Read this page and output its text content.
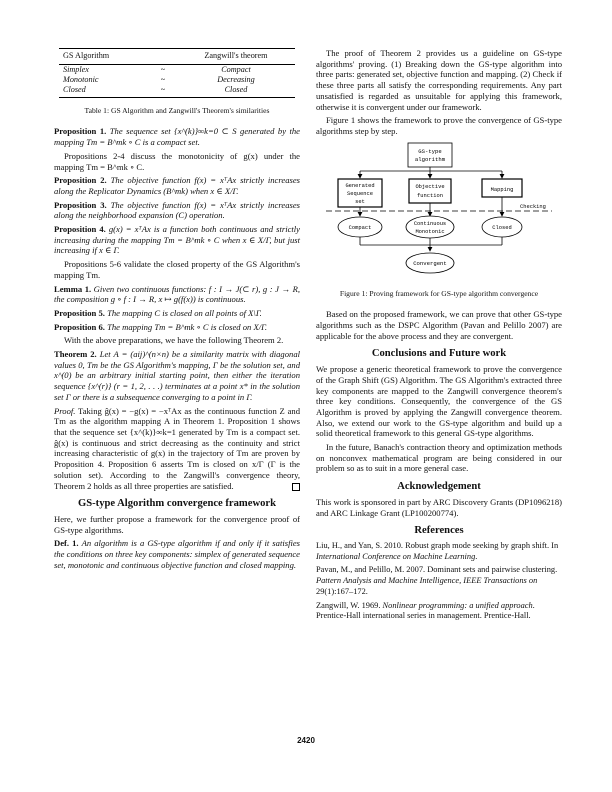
GS Algorithm		Zangwill's theorem
Simplex	~	Compact
Monotonic	~	Decreasing
Closed	~	Closed
Table 1: GS Algorithm and Zangwill's Theorem's similarities

Proposition 1. The sequence set {x^(k)}∞k=0 ⊂ S generated by the mapping Tm = B^mk ∘ C is a compact set.

Propositions 2-4 discuss the monotonicity of g(x) under the mapping Tm = B^mk ∘ C.

Proposition 2. The objective function f(x) = xᵀAx strictly increases along the Replicator Dynamics (B^mk) when x ∈ X/Γ.

Proposition 3. The objective function f(x) = xᵀAx strictly increases along the neighborhood expansion (C) operation.

Proposition 4. g(x) = xᵀAx is a function both continuous and strictly increasing during the mapping Tm = B^mk ∘ C when x ∈ X/Γ, but just increasing if x ∈ Γ.

Propositions 5-6 validate the closed property of the GS Algorithm's mapping Tm.

Lemma 1. Given two continuous functions: f : I → J(⊂ r), g : J → R, the composition g ∘ f : I → R, x ↦ g(f(x)) is continuous.

Proposition 5. The mapping C is closed on all points of X\Γ.

Proposition 6. The mapping Tm = B^mk ∘ C is closed on X/Γ.

With the above preparations, we have the following Theorem 2.

Theorem 2. Let A = (aij)^(n×n) be a similarity matrix with diagonal values 0, Tm be the GS Algorithm's mapping, Γ be the solution set, and x^(0) be an arbitrary initial starting point, then either the iteration sequence {x^(r)} (r = 1, 2, . . .) terminates at a point x* in the solution set Γ or there is a subsequence converging to a point in Γ.

Proof. Taking ĝ(x) = −g(x) = −xᵀAx as the continuous function Z and Tm as the algorithm mapping A in Theorem 1. Proposition 1 shows that the sequence set {x^(k)}∞k=1 generated by Tm is a compact set. ĝ(x) is continuous and strict decreasing as the continuity and strict increasing characteristic of g(x) in the trajectory of Tm are proven by Proposition 4. Proposition 6 asserts Tm is closed on x/Γ (Γ is the solution set). According to the Zangwill's convergence theory, Theorem 2 holds as all three properties are satisfied.

GS-type Algorithm convergence framework

Here, we further propose a framework for the convergence proof of GS-type algorithms.

Def. 1. An algorithm is a GS-type algorithm if and only if it satisfies the conditions on three key components: simplex of generated sequence set, monotonic and continuous objective function and closed mapping.

The proof of Theorem 2 provides us a guideline on GS-type algorithms' proving. (1) Breaking down the GS-type algorithm into three parts: generated set, objective function and mapping. (2) Check if these three parts all satisfy the corresponding requirements. Any part unsatisfied is regarded as unsuitable for applying this framework, otherwise it is convergent under our framework.

Figure 1 shows the framework to prove the convergence of GS-type algorithms step by step.

GS-type
algorithm
Generated
Sequence
set
Objective
function
Mapping
Checking
Compact
Continuous
Monotonic
Closed
Convergent
Figure 1: Proving framework for GS-type algorithm convergence

Based on the proposed framework, we can prove that other GS-type algorithms such as the DSPC Algorithm (Pavan and Pelillo 2007) are applicable for the above process and they are convergent.

Conclusions and Future work

We propose a generic theoretical framework to prove the convergence of the Graph Shift (GS) Algorithm. The GS Algorithm's extracted three key components are mapped to the Zangwill convergence theorem's three key conditions. Consequently, the convergence of the GS Algorithm is proved by applying the Zangwill convergence theorem. Also, we extend our work to the GS-type algorithm and build up a solid theoretical framework to this general GS-type algorithms.

In the future, Banach's contraction theory and optimization methods on nonconvex mathematical program are being considered in our problem so as to suit in a more general case.

Acknowledgement

This work is sponsored in part by ARC Discovery Grants (DP1096218) and ARC Linkage Grant (LP100200774).

References

Liu, H., and Yan, S. 2010. Robust graph mode seeking by graph shift. In International Conference on Machine Learning.

Pavan, M., and Pelillo, M. 2007. Dominant sets and pairwise clustering. Pattern Analysis and Machine Intelligence, IEEE Transactions on 29(1):167–172.

Zangwill, W. 1969. Nonlinear programming: a unified approach. Prentice-Hall international series in management. Prentice-Hall.

2420
